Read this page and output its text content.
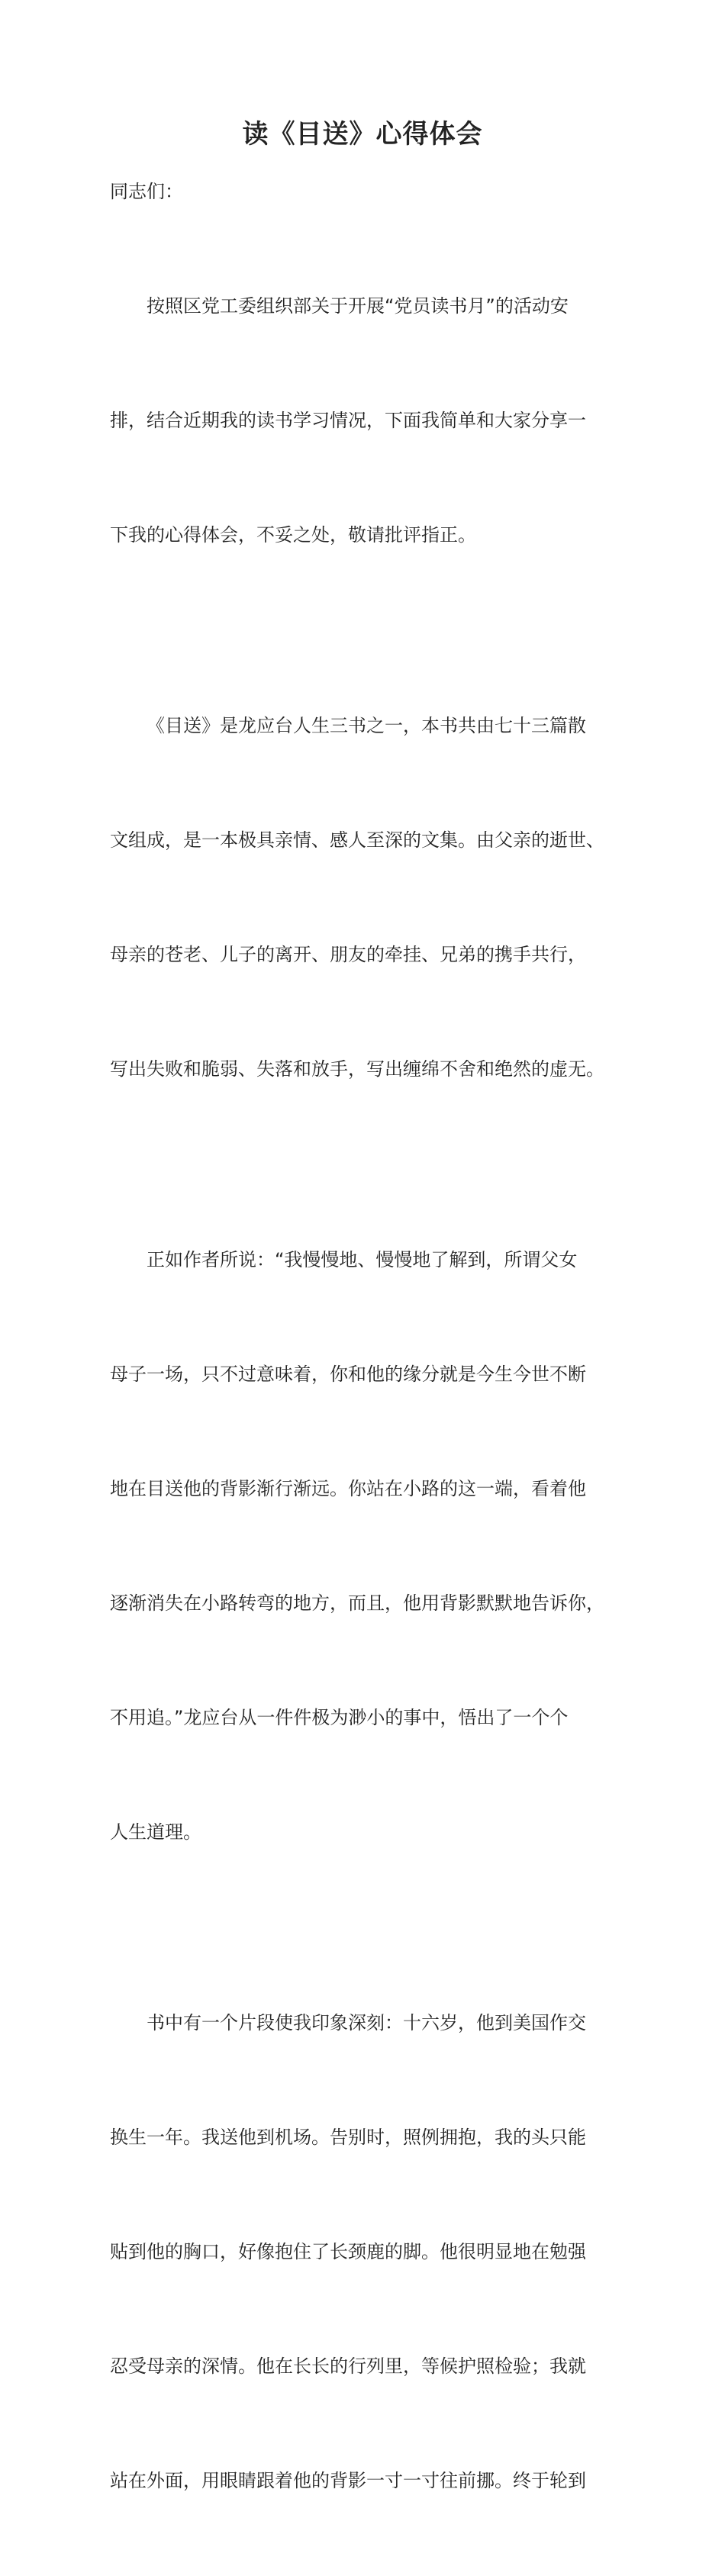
读《目送》心得体会

同志们：

按照区党工委组织部关于开展“党员读书月”的活动安

排，结合近期我的读书学习情况，下面我简单和大家分享一

下我的心得体会，不妥之处，敬请批评指正。

《目送》是龙应台人生三书之一，本书共由七十三篇散

文组成，是一本极具亲情、感人至深的文集。由父亲的逝世、

母亲的苍老、儿子的离开、朋友的牵挂、兄弟的携手共行，

写出失败和脆弱、失落和放手，写出缠绵不舍和绝然的虚无。

正如作者所说：“我慢慢地、慢慢地了解到，所谓父女

母子一场，只不过意味着，你和他的缘分就是今生今世不断

地在目送他的背影渐行渐远。你站在小路的这一端，看着他

逐渐消失在小路转弯的地方，而且，他用背影默默地告诉你，

不用追。”龙应台从一件件极为渺小的事中，悟出了一个个

人生道理。

书中有一个片段使我印象深刻：十六岁，他到美国作交

换生一年。我送他到机场。告别时，照例拥抱，我的头只能

贴到他的胸口，好像抱住了长颈鹿的脚。他很明显地在勉强

忍受母亲的深情。他在长长的行列里，等候护照检验；我就

站在外面，用眼睛跟着他的背影一寸一寸往前挪。终于轮到
